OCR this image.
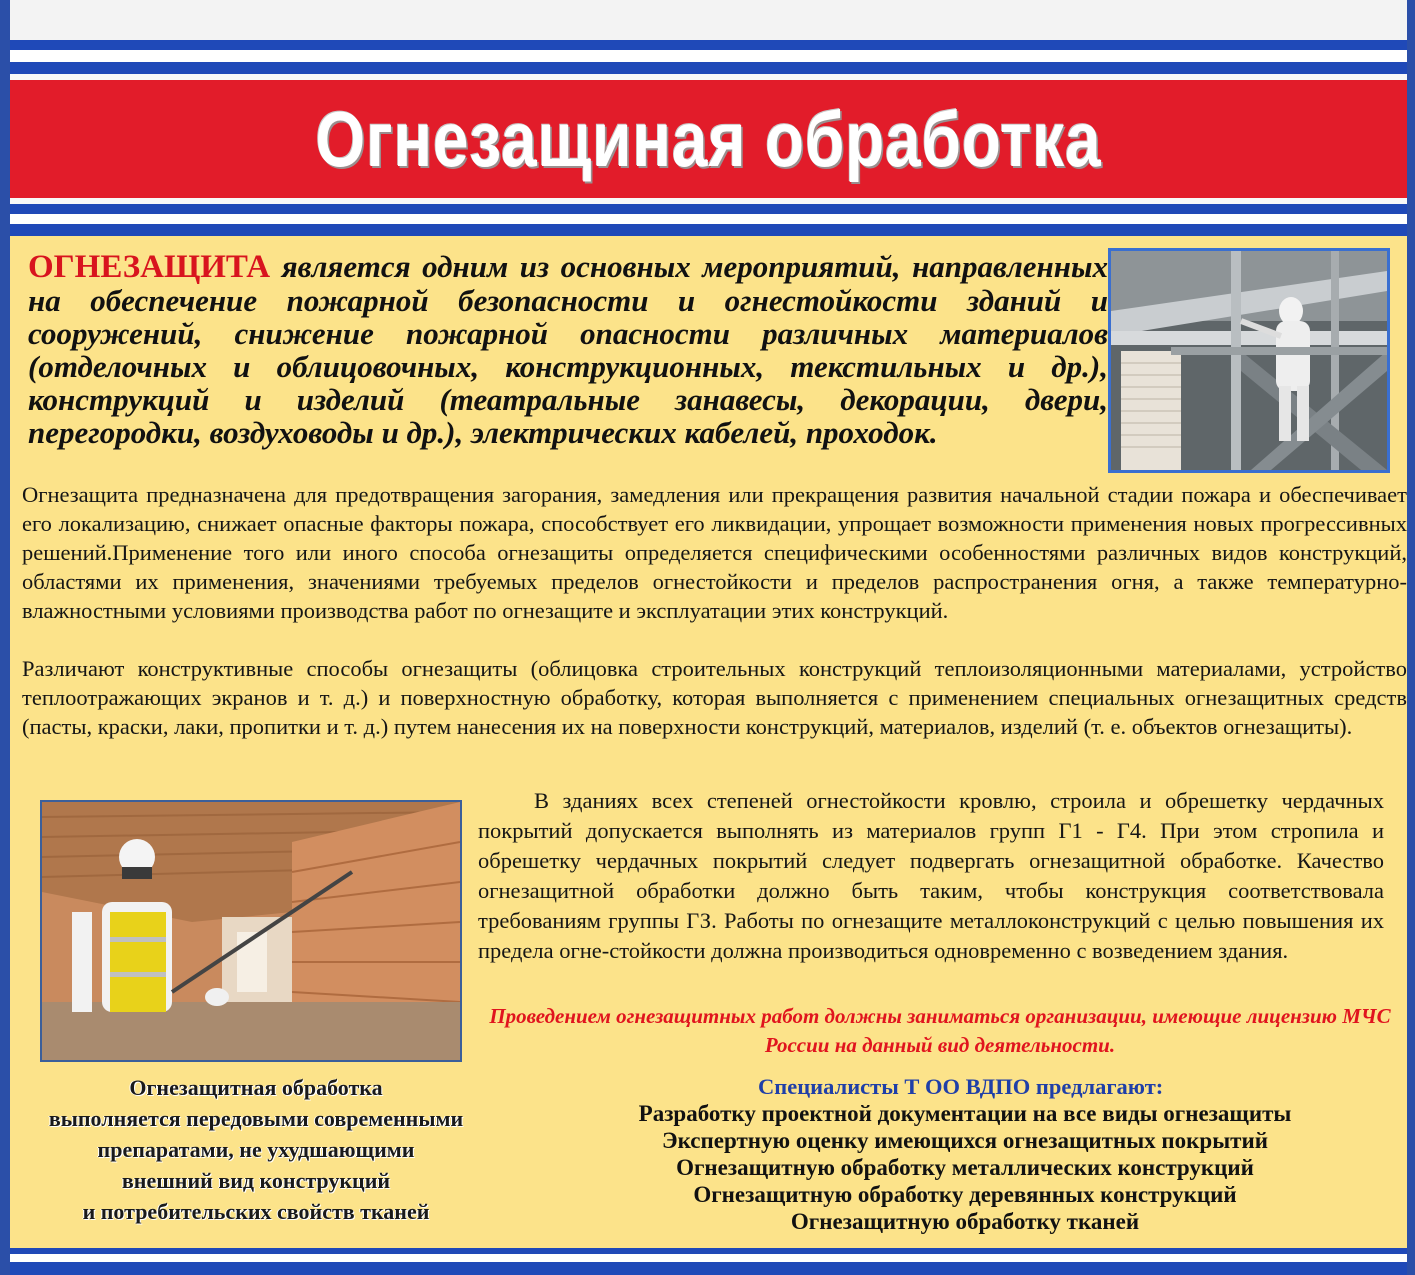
Огнезащиная обработка
ОГНЕЗАЩИТА является одним из основных мероприятий, направленных на обеспечение пожарной безопасности и огнестойкости зданий и сооружений, снижение пожарной опасности различных материалов (отделочных и облицовочных, конструкционных, текстильных и др.), конструкций и изделий (театральные занавесы, декорации, двери, перегородки, воздуховоды и др.), электрических кабелей, проходок.
Огнезащита предназначена для предотвращения загорания, замедления или прекращения развития начальной стадии пожара и обеспечивает его локализацию, снижает опасные факторы пожара, способствует его ликвидации, упрощает возможности применения новых прогрессивных решений.Применение того или иного способа огнезащиты определяется специфическими особенностями различных видов конструкций, областями их применения, значениями требуемых пределов огнестойкости и пределов распространения огня, а также температурно-влажностными условиями производства работ по огнезащите и эксплуатации этих конструкций.
Различают конструктивные способы огнезащиты (облицовка строительных конструкций теплоизоляционными материалами, устройство теплоотражающих экранов и т. д.) и поверхностную обработку, которая выполняется с применением специальных огнезащитных средств (пасты, краски, лаки, пропитки и т. д.) путем нанесения их на поверхности конструкций, материалов, изделий (т. е. объектов огнезащиты).
В зданиях всех степеней огнестойкости кровлю, строила и обрешетку чердачных покрытий допускается выполнять из материалов групп Г1 - Г4. При этом стропила и обрешетку чердачных покрытий следует подвергать огнезащитной обработке. Качество огнезащитной обработки должно быть таким, чтобы конструкция соответствовала требованиям группы ГЗ. Работы по огнезащите металлоконструкций с целью повышения их предела огне-стойкости должна производиться одновременно с возведением здания.
Проведением огнезащитных работ должны заниматься организации, имеющие лицензию МЧС России на данный вид деятельности.
Огнезащитная обработка
выполняется передовыми современными
препаратами, не ухудшающими
внешний вид конструкций
и потребительских свойств тканей
Специалисты Т ОО ВДПО предлагают:
Разработку проектной документации на все виды огнезащиты
Экспертную оценку имеющихся огнезащитных покрытий
Огнезащитную обработку металлических конструкций
Огнезащитную обработку деревянных конструкций
Огнезащитную обработку тканей
